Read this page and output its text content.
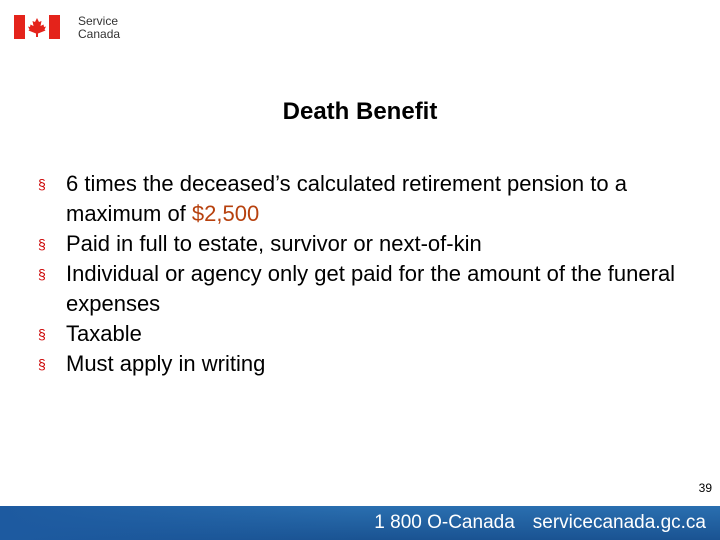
Service
Canada
Death Benefit
§ 6 times the deceased’s calculated retirement pension to a maximum of $2,500
§ Paid in full to estate, survivor or next-of-kin
§ Individual or agency only get paid for the amount of the funeral expenses
§ Taxable
§ Must apply in writing
39
1 800 O-Canada servicecanada.gc.ca
